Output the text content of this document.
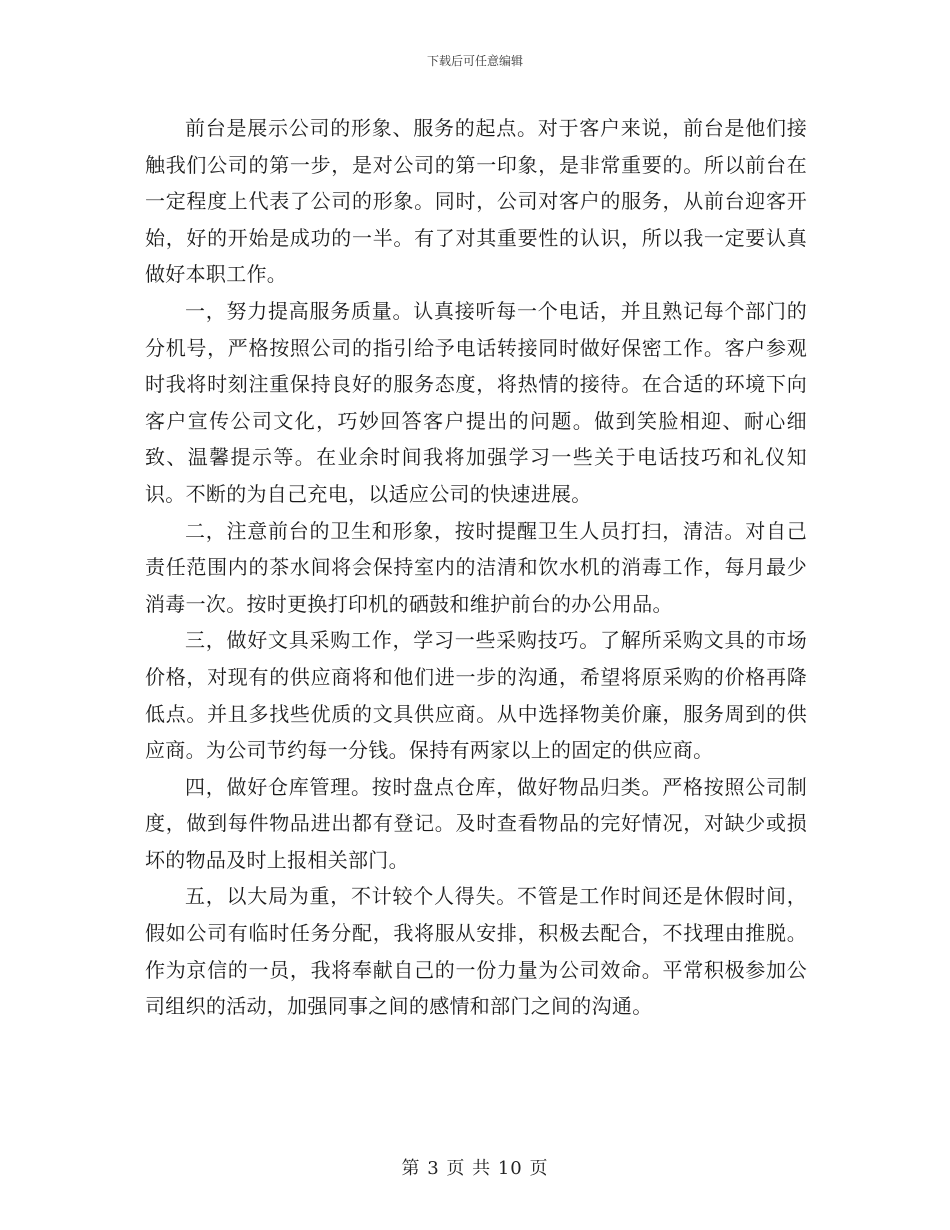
下载后可任意编辑

前台是展示公司的形象、服务的起点。对于客户来说，前台是他们接触我们公司的第一步，是对公司的第一印象，是非常重要的。所以前台在一定程度上代表了公司的形象。同时，公司对客户的服务，从前台迎客开始，好的开始是成功的一半。有了对其重要性的认识，所以我一定要认真做好本职工作。

一，努力提高服务质量。认真接听每一个电话，并且熟记每个部门的分机号，严格按照公司的指引给予电话转接同时做好保密工作。客户参观时我将时刻注重保持良好的服务态度，将热情的接待。在合适的环境下向客户宣传公司文化，巧妙回答客户提出的问题。做到笑脸相迎、耐心细致、温馨提示等。在业余时间我将加强学习一些关于电话技巧和礼仪知识。不断的为自己充电，以适应公司的快速进展。

二，注意前台的卫生和形象，按时提醒卫生人员打扫，清洁。对自己责任范围内的茶水间将会保持室内的洁清和饮水机的消毒工作，每月最少消毒一次。按时更换打印机的硒鼓和维护前台的办公用品。

三，做好文具采购工作，学习一些采购技巧。了解所采购文具的市场价格，对现有的供应商将和他们进一步的沟通，希望将原采购的价格再降低点。并且多找些优质的文具供应商。从中选择物美价廉，服务周到的供应商。为公司节约每一分钱。保持有两家以上的固定的供应商。

四，做好仓库管理。按时盘点仓库，做好物品归类。严格按照公司制度，做到每件物品进出都有登记。及时查看物品的完好情况，对缺少或损坏的物品及时上报相关部门。

五，以大局为重，不计较个人得失。不管是工作时间还是休假时间，假如公司有临时任务分配，我将服从安排，积极去配合，不找理由推脱。作为京信的一员，我将奉献自己的一份力量为公司效命。平常积极参加公司组织的活动，加强同事之间的感情和部门之间的沟通。

第 3 页 共 10 页
